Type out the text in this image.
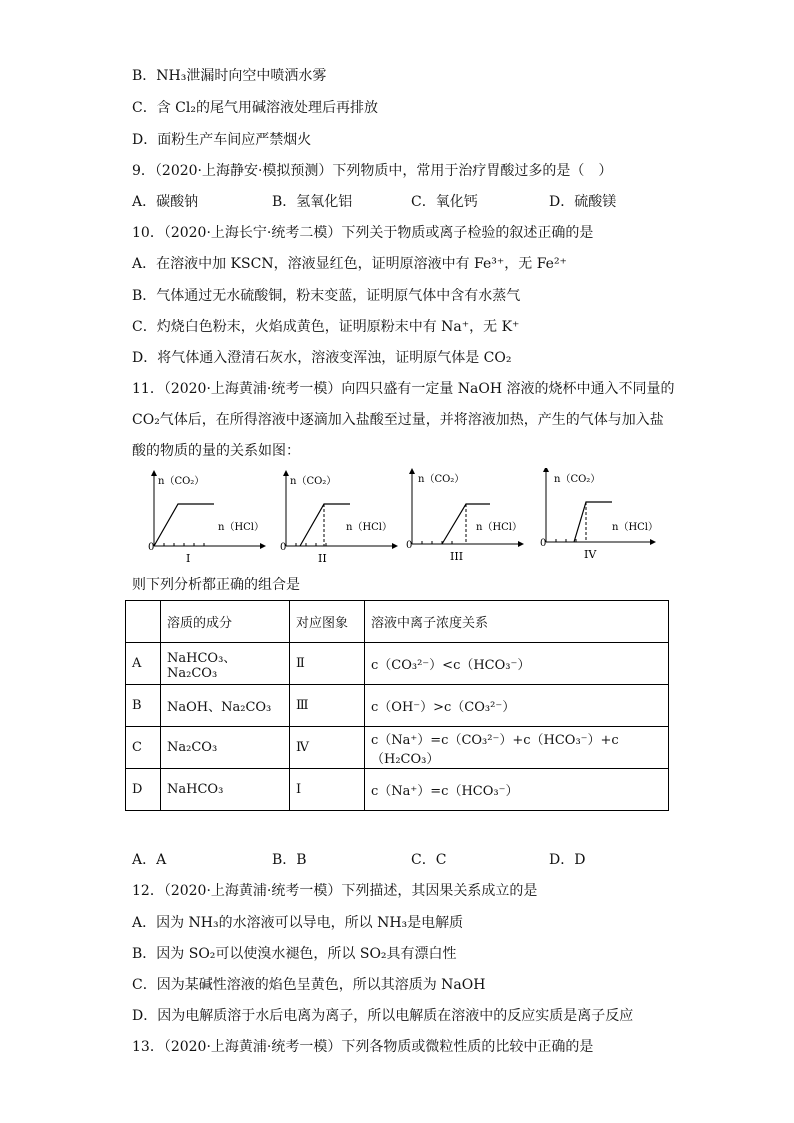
B．NH₃泄漏时向空中喷洒水雾
C．含 Cl₂的尾气用碱溶液处理后再排放
D．面粉生产车间应严禁烟火
9．（2020·上海静安·模拟预测）下列物质中，常用于治疗胃酸过多的是（　）
A．碳酸钠	B．氢氧化铝	C．氧化钙	D．硫酸镁
10．（2020·上海长宁·统考二模）下列关于物质或离子检验的叙述正确的是
A．在溶液中加 KSCN，溶液显红色，证明原溶液中有 Fe³⁺，无 Fe²⁺
B．气体通过无水硫酸铜，粉末变蓝，证明原气体中含有水蒸气
C．灼烧白色粉末，火焰成黄色，证明原粉末中有 Na⁺，无 K⁺
D．将气体通入澄清石灰水，溶液变浑浊，证明原气体是 CO₂
11．（2020·上海黄浦·统考一模）向四只盛有一定量 NaOH 溶液的烧杯中通入不同量的
CO₂气体后，在所得溶液中逐滴加入盐酸至过量，并将溶液加热，产生的气体与加入盐
酸的物质的量的关系如图：
n（CO₂）
n（HCl）
0
I
n（CO₂）
n（HCl）
0
II
n（CO₂）
n（HCl）
0
III
n（CO₂）
n（HCl）
0
IV
则下列分析都正确的组合是
	溶质的成分	对应图象	溶液中离子浓度关系
A	NaHCO₃、Na₂CO₃	Ⅱ	c（CO₃²⁻）<c（HCO₃⁻）
B	NaOH、Na₂CO₃	Ⅲ	c（OH⁻）>c（CO₃²⁻）
C	Na₂CO₃	Ⅳ	c（Na⁺）=c（CO₃²⁻）+c（HCO₃⁻）+c（H₂CO₃）
D	NaHCO₃	I	c（Na⁺）=c（HCO₃⁻）
A．A	B．B	C．C	D．D
12．（2020·上海黄浦·统考一模）下列描述，其因果关系成立的是
A．因为 NH₃的水溶液可以导电，所以 NH₃是电解质
B．因为 SO₂可以使溴水褪色，所以 SO₂具有漂白性
C．因为某碱性溶液的焰色呈黄色，所以其溶质为 NaOH
D．因为电解质溶于水后电离为离子，所以电解质在溶液中的反应实质是离子反应
13．（2020·上海黄浦·统考一模）下列各物质或微粒性质的比较中正确的是
